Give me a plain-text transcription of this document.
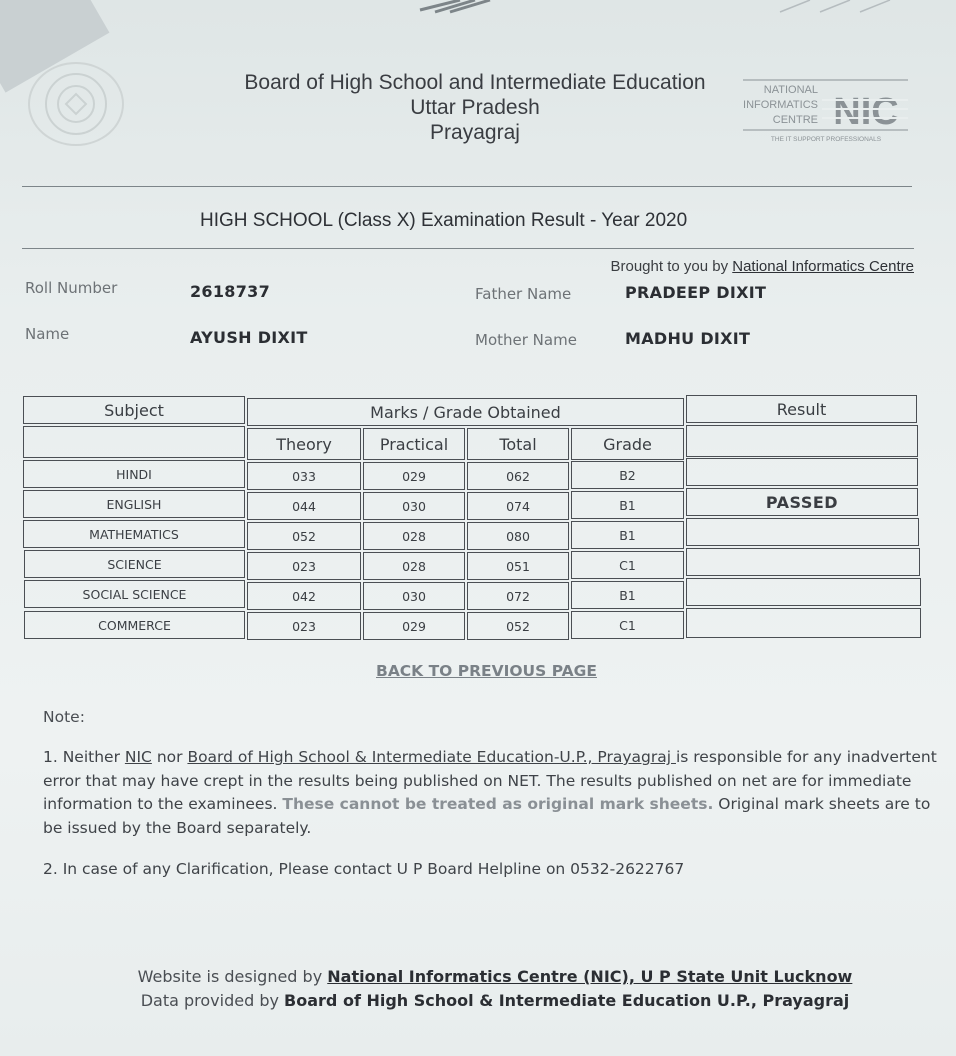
Board of High School and Intermediate Education
Uttar Pradesh
Prayagraj
NATIONAL
INFORMATICS
CENTRE NIC
THE IT SUPPORT PROFESSIONALS
HIGH SCHOOL (Class X) Examination Result - Year 2020
Brought to you by National Informatics Centre
Roll Number	2618737	Father Name	PRADEEP DIXIT
Name	AYUSH DIXIT	Mother Name	MADHU DIXIT
Subject	Marks / Grade Obtained	Result
Theory	Practical	Total	Grade
HINDI	033	029	062	B2
ENGLISH	044	030	074	B1	PASSED
MATHEMATICS	052	028	080	B1
SCIENCE	023	028	051	C1
SOCIAL SCIENCE	042	030	072	B1
COMMERCE	023	029	052	C1
BACK TO PREVIOUS PAGE
Note:
1. Neither NIC nor Board of High School & Intermediate Education-U.P., Prayagraj is responsible for any inadvertent error that may have crept in the results being published on NET. The results published on net are for immediate information to the examinees. These cannot be treated as original mark sheets. Original mark sheets are to be issued by the Board separately.
2. In case of any Clarification, Please contact U P Board Helpline on 0532-2622767
Website is designed by National Informatics Centre (NIC), U P State Unit Lucknow
Data provided by Board of High School & Intermediate Education U.P., Prayagraj
